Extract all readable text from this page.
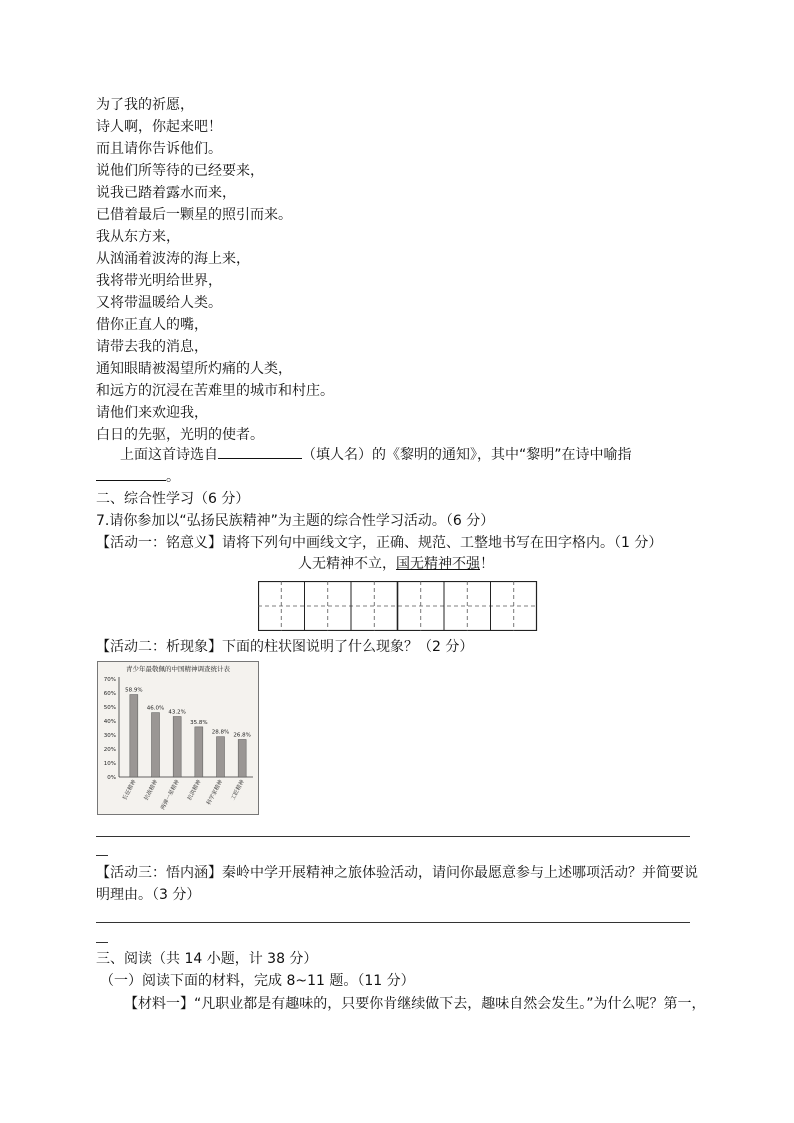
为了我的祈愿，
诗人啊，你起来吧！
而且请你告诉他们。
说他们所等待的已经要来，
说我已踏着露水而来，
已借着最后一颗星的照引而来。
我从东方来，
从汹涌着波涛的海上来，
我将带光明给世界，
又将带温暖给人类。
借你正直人的嘴，
请带去我的消息，
通知眼睛被渴望所灼痛的人类，
和远方的沉浸在苦难里的城市和村庄。
请他们来欢迎我，
白日的先驱，光明的使者。
上面这首诗选自	（填人名）的《黎明的通知》，其中“黎明”在诗中喻指
。
二、综合性学习（6 分）
7.请你参加以“弘扬民族精神”为主题的综合性学习活动。（6 分）
【活动一：铭意义】请将下列句中画线文字，正确、规范、工整地书写在田字格内。（1 分）
人无精神不立，国无精神不强！
【活动二：析现象】下面的柱状图说明了什么现象？（2 分）
青少年最敬佩的中国精神调查统计表
70%
60%
50%
40%
30%
20%
10%
0%
58.9%
长征精神
46.0%
抗战精神
43.2%
两弹一星精神
35.8%
抗洪精神
28.8%
科学家精神
26.8%
工匠精神
【活动三：悟内涵】秦岭中学开展精神之旅体验活动，请问你最愿意参与上述哪项活动？并简要说
明理由。（3 分）
三、阅读（共 14 小题，计 38 分）
（一）阅读下面的材料，完成 8~11 题。（11 分）
【材料一】“凡职业都是有趣味的，只要你肯继续做下去，趣味自然会发生。”为什么呢？第一，
